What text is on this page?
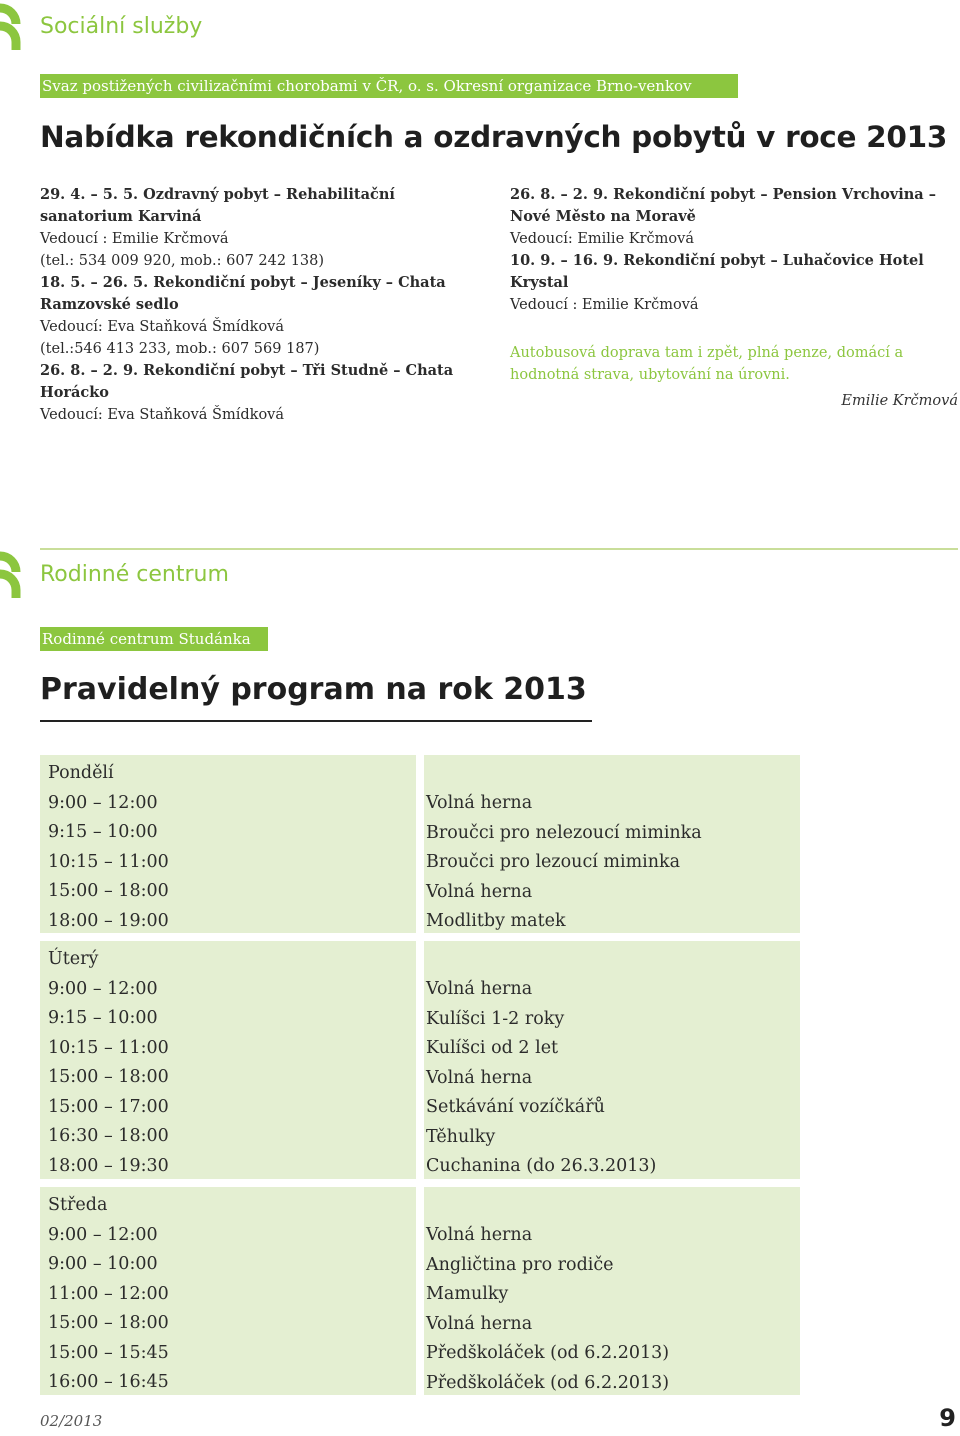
Sociální služby
Svaz postižených civilizačními chorobami v ČR, o. s. Okresní organizace Brno-venkov
Nabídka rekondičních a ozdravných pobytů v roce 2013

29. 4. – 5. 5. Ozdravný pobyt – Rehabilitační sanatorium Karviná

Vedoucí : Emilie Krčmová

(tel.: 534 009 920, mob.: 607 242 138)

18. 5. – 26. 5. Rekondiční pobyt – Jeseníky – Chata Ramzovské sedlo

Vedoucí: Eva Staňková Šmídková

(tel.:546 413 233, mob.: 607 569 187)

26. 8. – 2. 9. Rekondiční pobyt – Tři Studně – Chata Horácko

Vedoucí: Eva Staňková Šmídková

26. 8. – 2. 9. Rekondiční pobyt – Pension Vrchovina – Nové Město na Moravě

Vedoucí: Emilie Krčmová

10. 9. – 16. 9. Rekondiční pobyt – Luhačovice Hotel Krystal

Vedoucí : Emilie Krčmová

Autobusová doprava tam i zpět, plná penze, domácí a hodnotná strava, ubytování na úrovni.

Emilie Krčmová

Rodinné centrum
Rodinné centrum Studánka
Pravidelný program na rok 2013
Pondělí
9:00 – 12:00
9:15 – 10:00
10:15 – 11:00
15:00 – 18:00
18:00 – 19:00
Volná herna
Broučci pro nelezoucí miminka
Broučci pro lezoucí miminka
Volná herna
Modlitby matek
Úterý
9:00 – 12:00
9:15 – 10:00
10:15 – 11:00
15:00 – 18:00
15:00 – 17:00
16:30 – 18:00
18:00 – 19:30
Volná herna
Kulíšci 1-2 roky
Kulíšci od 2 let
Volná herna
Setkávání vozíčkářů
Těhulky
Cuchanina (do 26.3.2013)
Středa
9:00 – 12:00
9:00 – 10:00
11:00 – 12:00
15:00 – 18:00
15:00 – 15:45
16:00 – 16:45
Volná herna
Angličtina pro rodiče
Mamulky
Volná herna
Předškoláček (od 6.2.2013)
Předškoláček (od 6.2.2013)
02/2013	9
